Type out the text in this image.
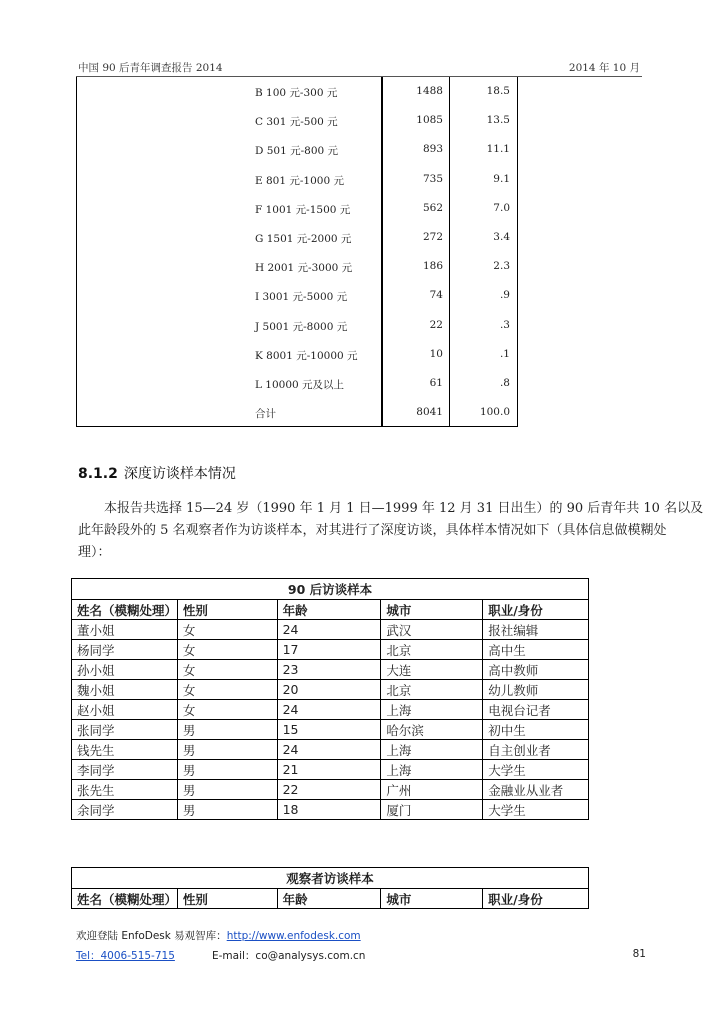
中国 90 后青年调查报告 2014	2014 年 10 月
B 100 元-300 元	1488	18.5
C 301 元-500 元	1085	13.5
D 501 元-800 元	893	11.1
E 801 元-1000 元	735	9.1
F 1001 元-1500 元	562	7.0
G 1501 元-2000 元	272	3.4
H 2001 元-3000 元	186	2.3
I 3001 元-5000 元	74	.9
J 5001 元-8000 元	22	.3
K 8001 元-10000 元	10	.1
L 10000 元及以上	61	.8
合计	8041	100.0
8.1.2 深度访谈样本情况
本报告共选择 15—24 岁（1990 年 1 月 1 日—1999 年 12 月 31 日出生）的 90 后青年共 10 名以及
此年龄段外的 5 名观察者作为访谈样本，对其进行了深度访谈，具体样本情况如下（具体信息做模糊处
理）：
90 后访谈样本				
姓名（模糊处理）	性别	年龄	城市	职业/身份
董小姐	女	24	武汉	报社编辑
杨同学	女	17	北京	高中生
孙小姐	女	23	大连	高中教师
魏小姐	女	20	北京	幼儿教师
赵小姐	女	24	上海	电视台记者
张同学	男	15	哈尔滨	初中生
钱先生	男	24	上海	自主创业者
李同学	男	21	上海	大学生
张先生	男	22	广州	金融业从业者
余同学	男	18	厦门	大学生
观察者访谈样本
姓名（模糊处理）	性别	年龄	城市	职业/身份
欢迎登陆 EnfoDesk 易观智库：http://www.enfodesk.com
Tel：4006-515-715	E-mail：co@analysys.com.cn	81
